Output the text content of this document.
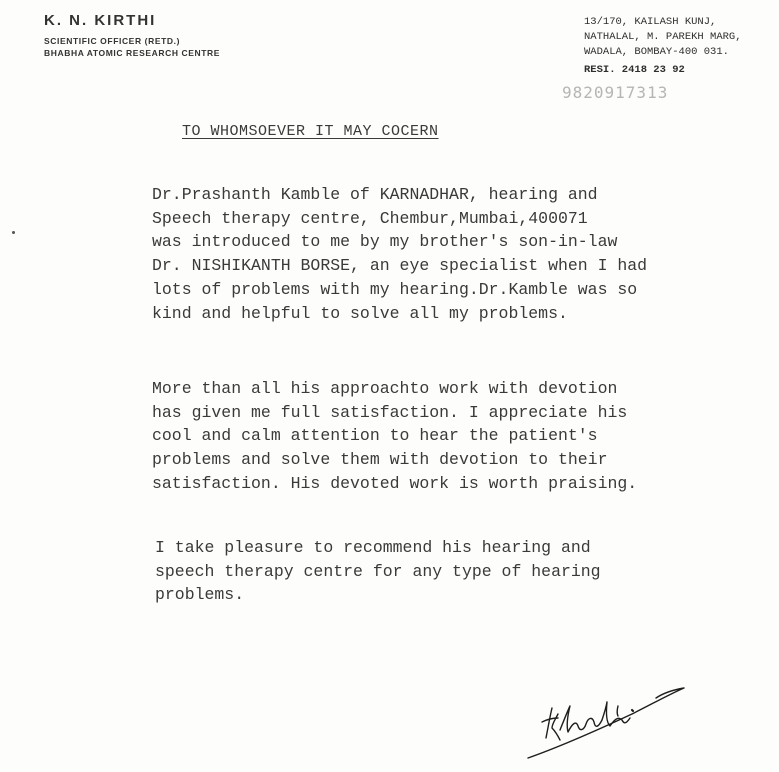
K. N. KIRTHI
SCIENTIFIC OFFICER (RETD.)
BHABHA ATOMIC RESEARCH CENTRE
13/170, KAILASH KUNJ,
NATHALAL, M. PAREKH MARG,
WADALA, BOMBAY-400 031.
RESI. 2418 23 92
9820917313
TO WHOMSOEVER IT MAY COCERN
Dr.Prashanth Kamble of KARNADHAR, hearing and
Speech therapy centre, Chembur,Mumbai,400071
was introduced to me by my brother's son-in-law
Dr. NISHIKANTH BORSE, an eye specialist when I had
lots of problems with my hearing.Dr.Kamble was so
kind and helpful to solve all my problems.
More than all his approachto work with devotion
has given me full satisfaction. I appreciate his
cool and calm attention to hear the patient's
problems and solve them with devotion to their
satisfaction. His devoted work is worth praising.
I take pleasure to recommend his hearing and
speech therapy centre for any type of hearing
problems.
